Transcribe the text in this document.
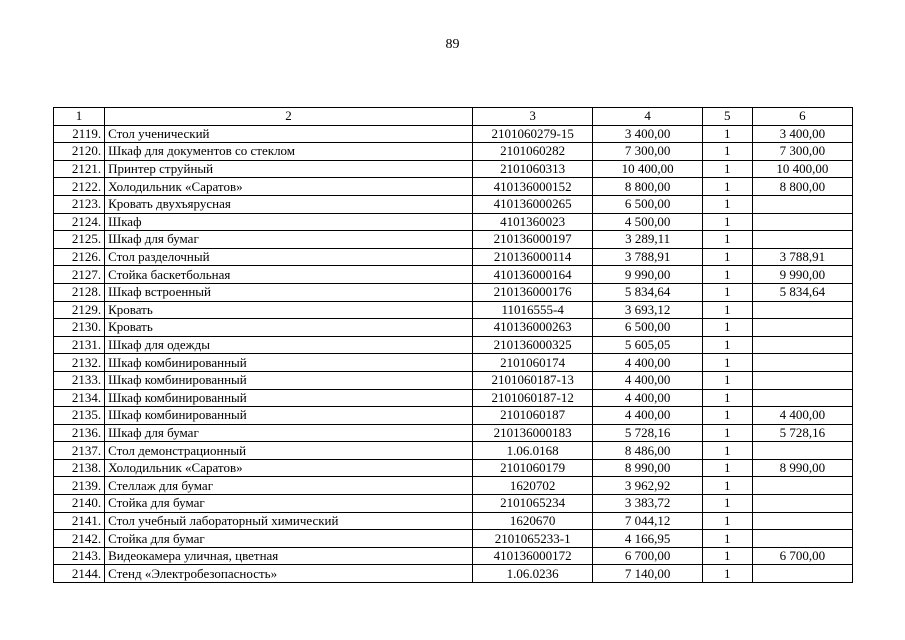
89
1	2	3	4	5	6
2119.	Стол ученический	2101060279-15	3 400,00	1	3 400,00
2120.	Шкаф для документов со стеклом	2101060282	7 300,00	1	7 300,00
2121.	Принтер струйный	2101060313	10 400,00	1	10 400,00
2122.	Холодильник «Саратов»	410136000152	8 800,00	1	8 800,00
2123.	Кровать двухъярусная	410136000265	6 500,00	1	
2124.	Шкаф	4101360023	4 500,00	1	
2125.	Шкаф для бумаг	210136000197	3 289,11	1	
2126.	Стол разделочный	210136000114	3 788,91	1	3 788,91
2127.	Стойка баскетбольная	410136000164	9 990,00	1	9 990,00
2128.	Шкаф встроенный	210136000176	5 834,64	1	5 834,64
2129.	Кровать	11016555-4	3 693,12	1	
2130.	Кровать	410136000263	6 500,00	1	
2131.	Шкаф для одежды	210136000325	5 605,05	1	
2132.	Шкаф комбинированный	2101060174	4 400,00	1	
2133.	Шкаф комбинированный	2101060187-13	4 400,00	1	
2134.	Шкаф комбинированный	2101060187-12	4 400,00	1	
2135.	Шкаф комбинированный	2101060187	4 400,00	1	4 400,00
2136.	Шкаф для бумаг	210136000183	5 728,16	1	5 728,16
2137.	Стол демонстрационный	1.06.0168	8 486,00	1	
2138.	Холодильник «Саратов»	2101060179	8 990,00	1	8 990,00
2139.	Стеллаж для бумаг	1620702	3 962,92	1	
2140.	Стойка для бумаг	2101065234	3 383,72	1	
2141.	Стол учебный лабораторный химический	1620670	7 044,12	1	
2142.	Стойка для бумаг	2101065233-1	4 166,95	1	
2143.	Видеокамера уличная, цветная	410136000172	6 700,00	1	6 700,00
2144.	Стенд «Электробезопасность»	1.06.0236	7 140,00	1	
